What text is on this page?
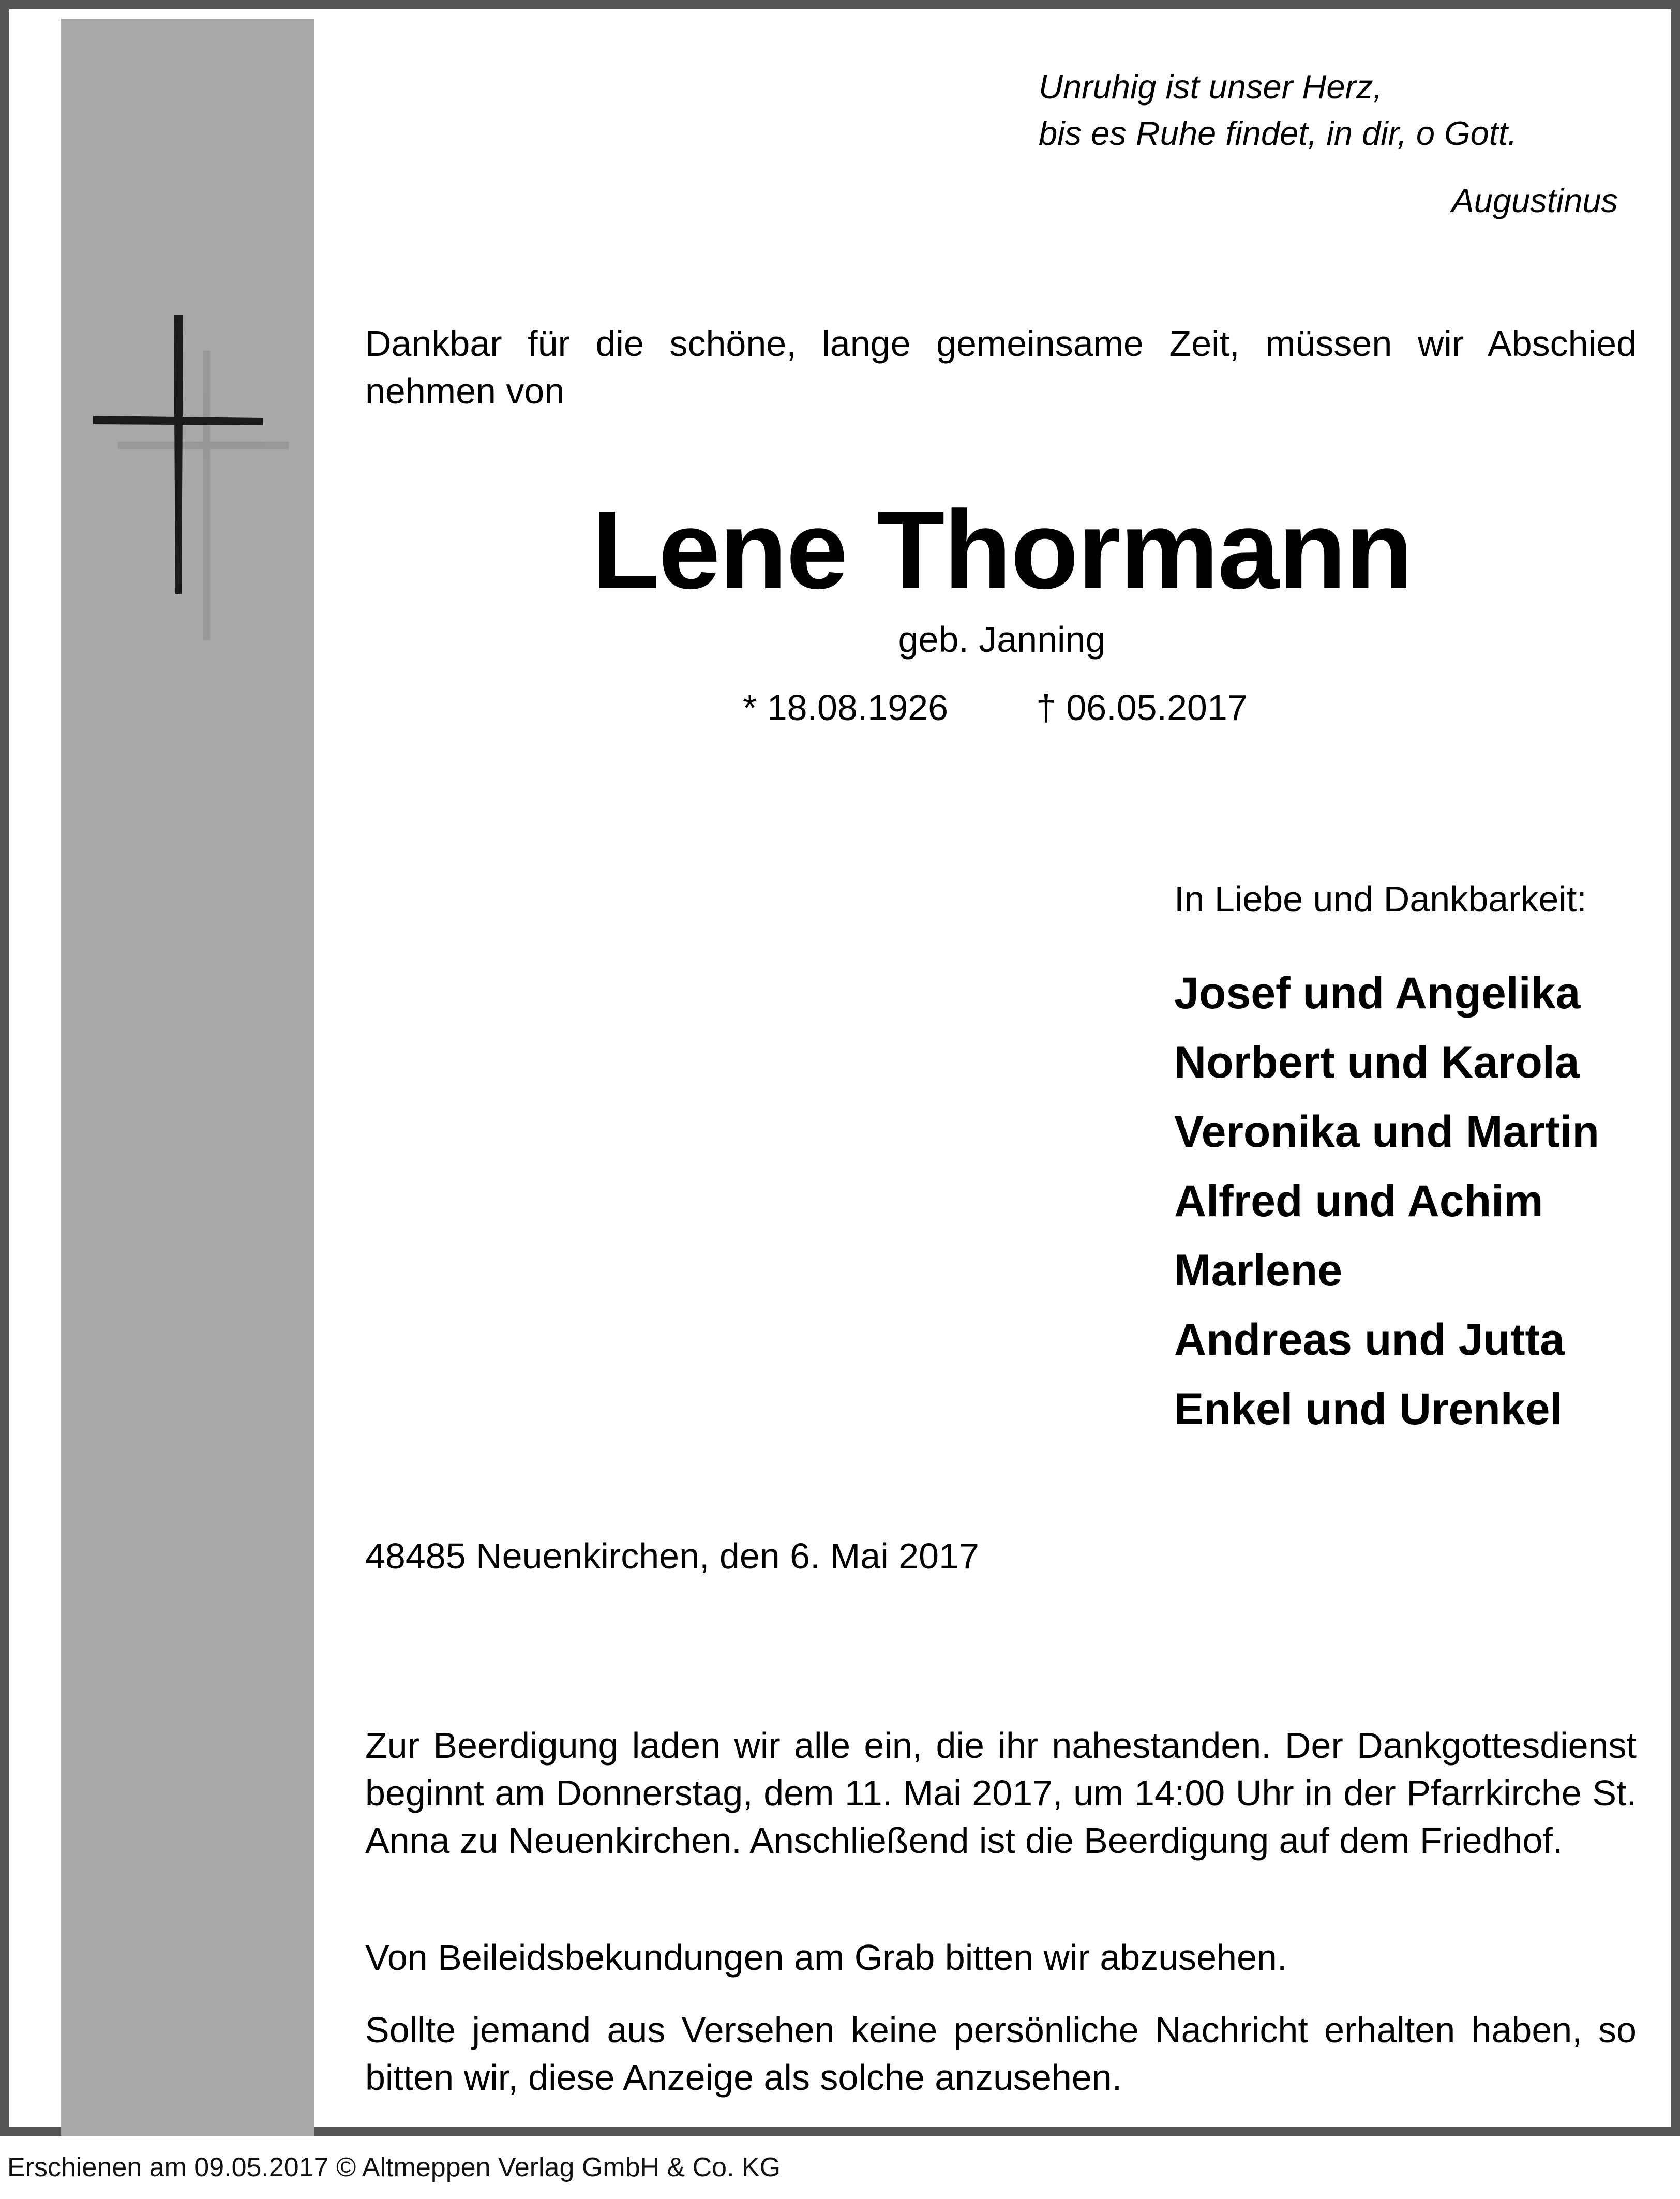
Unruhig ist unser Herz,
bis es Ruhe findet, in dir, o Gott.

Augustinus

Dankbar für die schöne, lange gemeinsame Zeit, müssen wir Abschied nehmen von

Lene Thormann

geb. Janning

* 18.08.1926 † 06.05.2017

In Liebe und Dankbarkeit:

Josef und Angelika
Norbert und Karola
Veronika und Martin
Alfred und Achim
Marlene
Andreas und Jutta
Enkel und Urenkel

48485 Neuenkirchen, den 6. Mai 2017

Zur Beerdigung laden wir alle ein, die ihr nahestanden. Der Dankgottesdienst beginnt am Donnerstag, dem 11. Mai 2017, um 14:00 Uhr in der Pfarrkirche St. Anna zu Neuenkirchen. Anschließend ist die Beerdigung auf dem Friedhof.

Von Beileidsbekundungen am Grab bitten wir abzusehen.

Sollte jemand aus Versehen keine persönliche Nachricht erhalten haben, so bitten wir, diese Anzeige als solche anzusehen.

Erschienen am 09.05.2017 © Altmeppen Verlag GmbH & Co. KG
